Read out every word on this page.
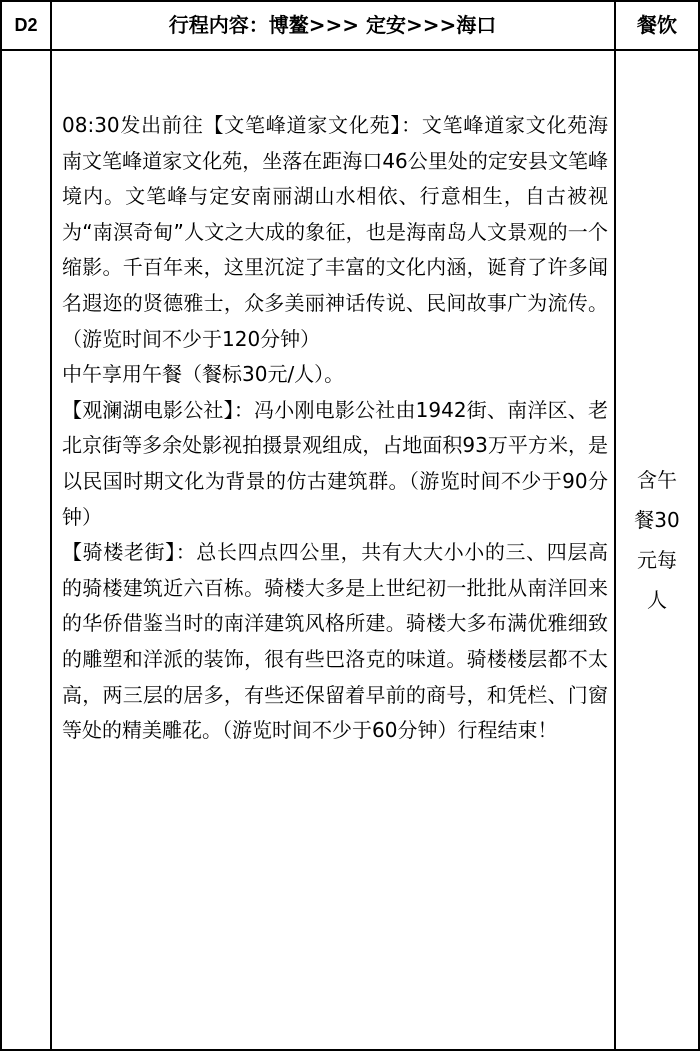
D2	行程内容：博鳌>>> 定安>>>海口	餐饮

08:30发出前往【文笔峰道家文化苑】：文笔峰道家文化苑海南文笔峰道家文化苑，坐落在距海口46公里处的定安县文笔峰境内。文笔峰与定安南丽湖山水相依、行意相生，自古被视为“南溟奇甸”人文之大成的象征，也是海南岛人文景观的一个缩影。千百年来，这里沉淀了丰富的文化内涵，诞育了许多闻名遐迩的贤德雅士，众多美丽神话传说、民间故事广为流传。（游览时间不少于120分钟）

中午享用午餐（餐标30元/人）。

【观澜湖电影公社】：冯小刚电影公社由1942街、南洋区、老北京街等多余处影视拍摄景观组成，占地面积93万平方米，是以民国时期文化为背景的仿古建筑群。（游览时间不少于90分钟）

【骑楼老街】：总长四点四公里，共有大大小小的三、四层高的骑楼建筑近六百栋。骑楼大多是上世纪初一批批从南洋回来的华侨借鉴当时的南洋建筑风格所建。骑楼大多布满优雅细致的雕塑和洋派的装饰，很有些巴洛克的味道。骑楼楼层都不太高，两三层的居多，有些还保留着早前的商号，和凭栏、门窗等处的精美雕花。（游览时间不少于60分钟）行程结束！

含午
餐30
元每
人
